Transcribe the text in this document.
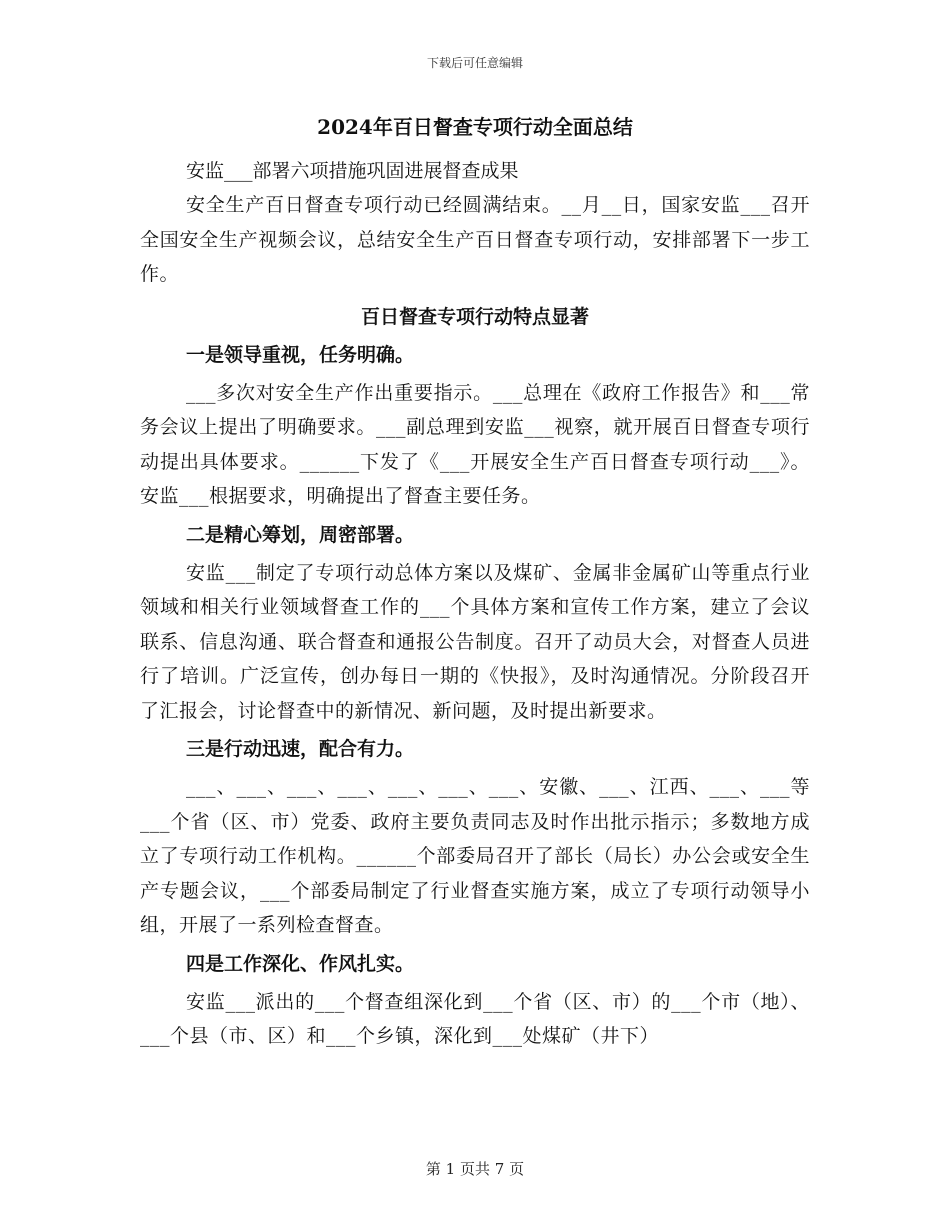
下载后可任意编辑
2024年百日督查专项行动全面总结

安监___部署六项措施巩固进展督查成果

安全生产百日督查专项行动已经圆满结束。__月__日，国家安监___召开全国安全生产视频会议，总结安全生产百日督查专项行动，安排部署下一步工作。

百日督查专项行动特点显著
一是领导重视，任务明确。

___多次对安全生产作出重要指示。___总理在《政府工作报告》和___常务会议上提出了明确要求。___副总理到安监___视察，就开展百日督查专项行动提出具体要求。______下发了《___开展安全生产百日督查专项行动___》。安监___根据要求，明确提出了督查主要任务。

二是精心筹划，周密部署。

安监___制定了专项行动总体方案以及煤矿、金属非金属矿山等重点行业领域和相关行业领域督查工作的___个具体方案和宣传工作方案，建立了会议联系、信息沟通、联合督查和通报公告制度。召开了动员大会，对督查人员进行了培训。广泛宣传，创办每日一期的《快报》，及时沟通情况。分阶段召开了汇报会，讨论督查中的新情况、新问题，及时提出新要求。

三是行动迅速，配合有力。

___、___、___、___、___、___、___、安徽、___、江西、___、___等___个省（区、市）党委、政府主要负责同志及时作出批示指示；多数地方成立了专项行动工作机构。______个部委局召开了部长（局长）办公会或安全生产专题会议，___个部委局制定了行业督查实施方案，成立了专项行动领导小组，开展了一系列检查督查。

四是工作深化、作风扎实。

安监___派出的___个督查组深化到___个省（区、市）的___个市（地）、___个县（市、区）和___个乡镇，深化到___处煤矿（井下）

第 1 页共 7 页
